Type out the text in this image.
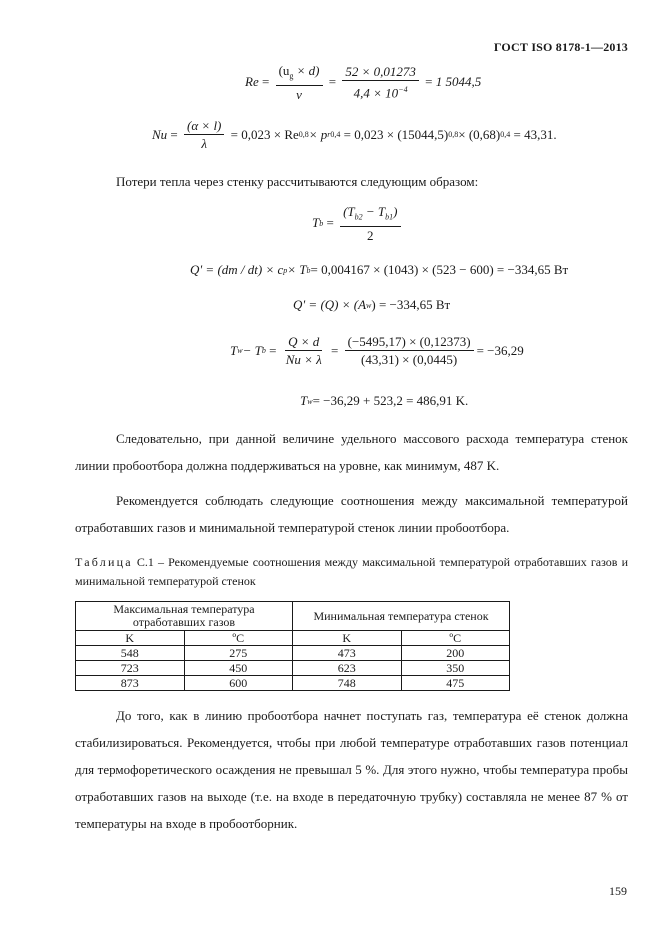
ГОСТ ISO 8178-1—2013
$Re = \frac{(u_g \times d)}{v} = \frac{52 \times 0,01273}{4,4 \times 10^{-4}} = 1$ 5044,5
$Nu = \frac{(\alpha \times l)}{\lambda} = 0,023 \times Re$ 0,8 × p r 0,4 = 0,023 × (15044,5) 0,8 × (0,68) 0,4 = 43,31.
Потери тепла через стенку рассчитываются следующим образом:
T $b = \frac{(T_{b2} - T_{b1})}{2}$
Q' = (dm / dt) × c p × T b = 0,004167 × (1043) × (523 − 600) = −334,65 Вт
Q' = (Q) × (A w ) = −334,65 Вт
T w − T $b = \frac{Q \times d}{Nu \times \lambda} = \frac{(-5495,17) \times (0,12373)}{(43,31) \times (0,0445)} = -36,29$
T w = −36,29 + 523,2 = 486,91 K.
Следовательно, при данной величине удельного массового расхода температура стенок линии пробоотбора должна поддерживаться на уровне, как минимум, 487 K.
Рекомендуется соблюдать следующие соотношения между максимальной температурой отработавших газов и минимальной температурой стенок линии пробоотбора.
Таблица С.1 – Рекомендуемые соотношения между максимальной температурой отработавших газов и минимальной температурой стенок
Максимальная температура отработавших газов		Минимальная температура стенок	
K	ºC	K	ºC
548	275	473	200
723	450	623	350
873	600	748	475
До того, как в линию пробоотбора начнет поступать газ, температура её стенок должна стабилизироваться. Рекомендуется, чтобы при любой температуре отработавших газов потенциал для термофоретического осаждения не превышал 5 %. Для этого нужно, чтобы температура пробы отработавших газов на выходе (т.е. на входе в передаточную трубку) составляла не менее 87 % от температуры на входе в пробоотборник.
159
